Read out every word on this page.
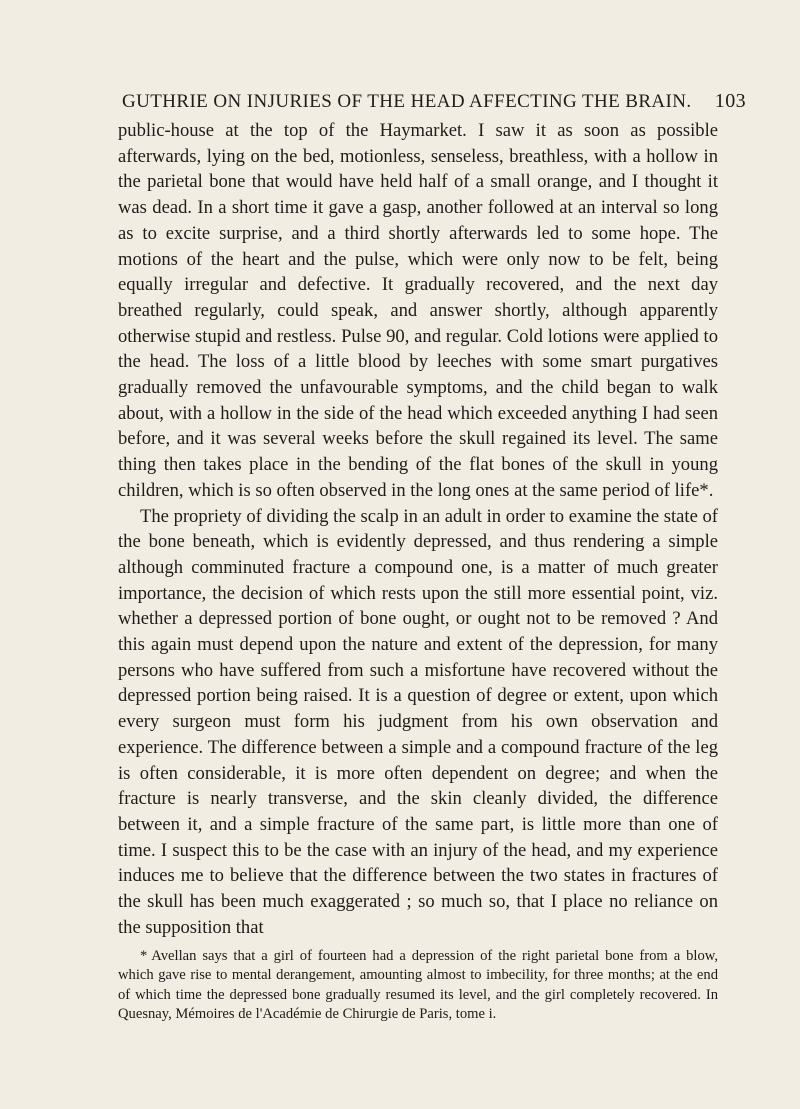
GUTHRIE ON INJURIES OF THE HEAD AFFECTING THE BRAIN. 103

public-house at the top of the Haymarket. I saw it as soon as possible afterwards, lying on the bed, motionless, senseless, breathless, with a hollow in the parietal bone that would have held half of a small orange, and I thought it was dead. In a short time it gave a gasp, another followed at an interval so long as to excite surprise, and a third shortly afterwards led to some hope. The motions of the heart and the pulse, which were only now to be felt, being equally irregular and defective. It gradually recovered, and the next day breathed regularly, could speak, and answer shortly, although apparently otherwise stupid and restless. Pulse 90, and regular. Cold lotions were applied to the head. The loss of a little blood by leeches with some smart purgatives gradually removed the unfavourable symptoms, and the child began to walk about, with a hollow in the side of the head which exceeded anything I had seen before, and it was several weeks before the skull regained its level. The same thing then takes place in the bending of the flat bones of the skull in young children, which is so often observed in the long ones at the same period of life*.

The propriety of dividing the scalp in an adult in order to examine the state of the bone beneath, which is evidently depressed, and thus rendering a simple although comminuted fracture a compound one, is a matter of much greater importance, the decision of which rests upon the still more essential point, viz. whether a depressed portion of bone ought, or ought not to be removed ? And this again must depend upon the nature and extent of the depression, for many persons who have suffered from such a misfortune have recovered without the depressed portion being raised. It is a question of degree or extent, upon which every surgeon must form his judgment from his own observation and experience. The difference between a simple and a compound fracture of the leg is often considerable, it is more often dependent on degree; and when the fracture is nearly transverse, and the skin cleanly divided, the difference between it, and a simple fracture of the same part, is little more than one of time. I suspect this to be the case with an injury of the head, and my experience induces me to believe that the difference between the two states in fractures of the skull has been much exaggerated ; so much so, that I place no reliance on the supposition that

* Avellan says that a girl of fourteen had a depression of the right parietal bone from a blow, which gave rise to mental derangement, amounting almost to imbecility, for three months; at the end of which time the depressed bone gradually resumed its level, and the girl completely recovered. In Quesnay, Mémoires de l'Académie de Chirurgie de Paris, tome i.
